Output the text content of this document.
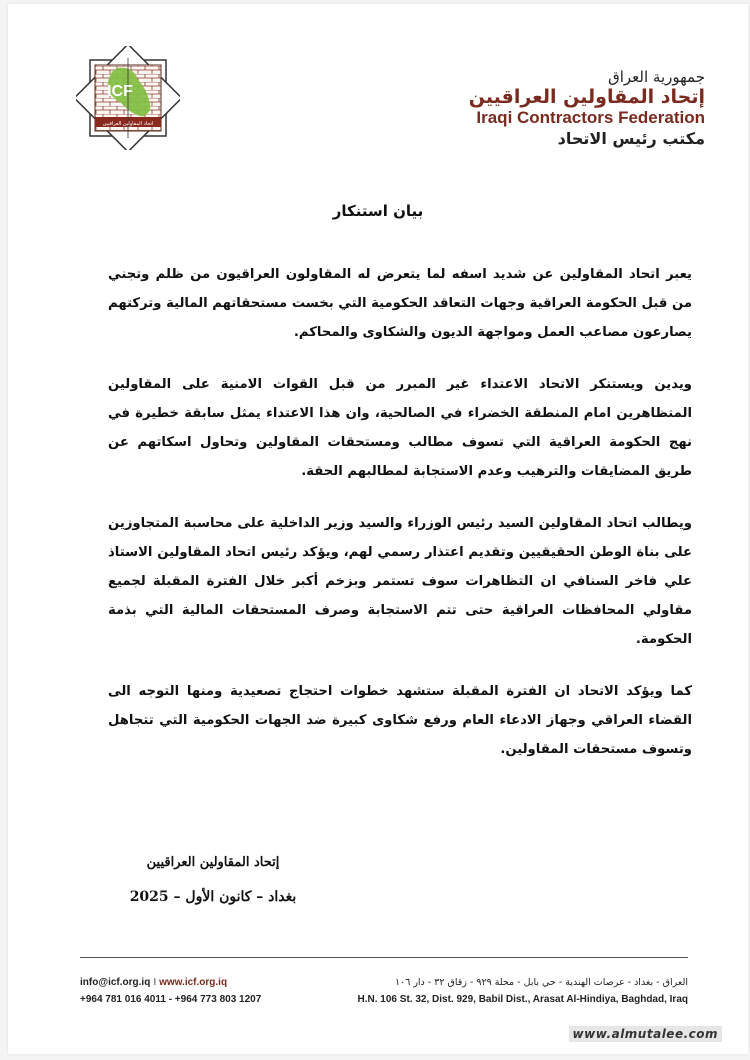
ICF
اتحاد المقاولين العراقيين
جمهورية العراق
إتحاد المقاولين العراقيين
Iraqi Contractors Federation
مكتب رئيس الاتحاد
بيان استنكار

يعبر اتحاد المقاولين عن شديد اسفه لما يتعرض له المقاولون العراقيون من ظلم وتجني من قبل الحكومة العراقية وجهات التعاقد الحكومية التي بخست مستحقاتهم المالية وتركتهم يصارعون مصاعب العمل ومواجهة الديون والشكاوى والمحاكم.

ويدين ويستنكر الاتحاد الاعتداء غير المبرر من قبل القوات الامنية على المقاولين المتظاهرين امام المنطقة الخضراء في الصالحية، وان هذا الاعتداء يمثل سابقة خطيرة في نهج الحكومة العراقية التي تسوف مطالب ومستحقات المقاولين وتحاول اسكاتهم عن طريق المضايقات والترهيب وعدم الاستجابة لمطالبهم الحقة.

ويطالب اتحاد المقاولين السيد رئيس الوزراء والسيد وزير الداخلية على محاسبة المتجاوزين على بناة الوطن الحقيقيين وتقديم اعتذار رسمي لهم، ويؤكد رئيس اتحاد المقاولين الاستاذ علي فاخر السنافي ان التظاهرات سوف تستمر وبزخم أكبر خلال الفترة المقبلة لجميع مقاولي المحافظات العراقية حتى تتم الاستجابة وصرف المستحقات المالية التي بذمة الحكومة.

كما ويؤكد الاتحاد ان الفترة المقبلة ستشهد خطوات احتجاج تصعيدية ومنها التوجه الى القضاء العراقي وجهاز الادعاء العام ورفع شكاوى كبيرة ضد الجهات الحكومية التي تتجاهل وتسوف مستحقات المقاولين.

إتحاد المقاولين العراقيين
بغداد – كانون الأول – 2025
info@icf.org.iq I www.icf.org.iq
+964 781 016 4011 - +964 773 803 1207
العراق - بغداد - عرصات الهندية - حي بابل - محلة ٩٢٩ - زقاق ٣٢ - دار ١٠٦
H.N. 106 St. 32, Dist. 929, Babil Dist., Arasat Al-Hindiya, Baghdad, Iraq
www.almutalee.com
